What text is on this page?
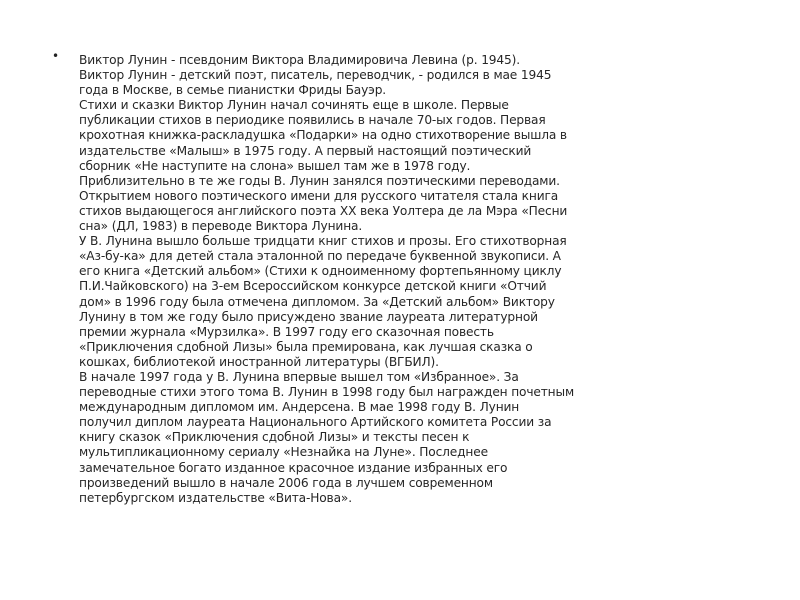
• Виктор Лунин - псевдоним Виктора Владимировича Левина (р. 1945).
Виктор Лунин - детский поэт, писатель, переводчик, - родился в мае 1945
года в Москве, в семье пианистки Фриды Бауэр.
Стихи и сказки Виктор Лунин начал сочинять еще в школе. Первые
публикации стихов в периодике появились в начале 70-ых годов. Первая
крохотная книжка-раскладушка «Подарки» на одно стихотворение вышла в
издательстве «Малыш» в 1975 году. А первый настоящий поэтический
сборник «Не наступите на слона» вышел там же в 1978 году.
Приблизительно в те же годы В. Лунин занялся поэтическими переводами.
Открытием нового поэтического имени для русского читателя стала книга
стихов выдающегося английского поэта XX века Уолтера де ла Мэра «Песни
сна» (ДЛ, 1983) в переводе Виктора Лунина.
У В. Лунина вышло больше тридцати книг стихов и прозы. Его стихотворная
«Аз-бу-ка» для детей стала эталонной по передаче буквенной звукописи. А
его книга «Детский альбом» (Стихи к одноименному фортепьянному циклу
П.И.Чайковского) на 3-ем Всероссийском конкурсе детской книги «Отчий
дом» в 1996 году была отмечена дипломом. За «Детский альбом» Виктору
Лунину в том же году было присуждено звание лауреата литературной
премии журнала «Мурзилка». В 1997 году его сказочная повесть
«Приключения сдобной Лизы» была премирована, как лучшая сказка о
кошках, библиотекой иностранной литературы (ВГБИЛ).
В начале 1997 года у В. Лунина впервые вышел том «Избранное». За
переводные стихи этого тома В. Лунин в 1998 году был награжден почетным
международным дипломом им. Андерсена. В мае 1998 году В. Лунин
получил диплом лауреата Национального Артийского комитета России за
книгу сказок «Приключения сдобной Лизы» и тексты песен к
мультипликационному сериалу «Незнайка на Луне». Последнее
замечательное богато изданное красочное издание избранных его
произведений вышло в начале 2006 года в лучшем современном
петербургском издательстве «Вита-Нова».
